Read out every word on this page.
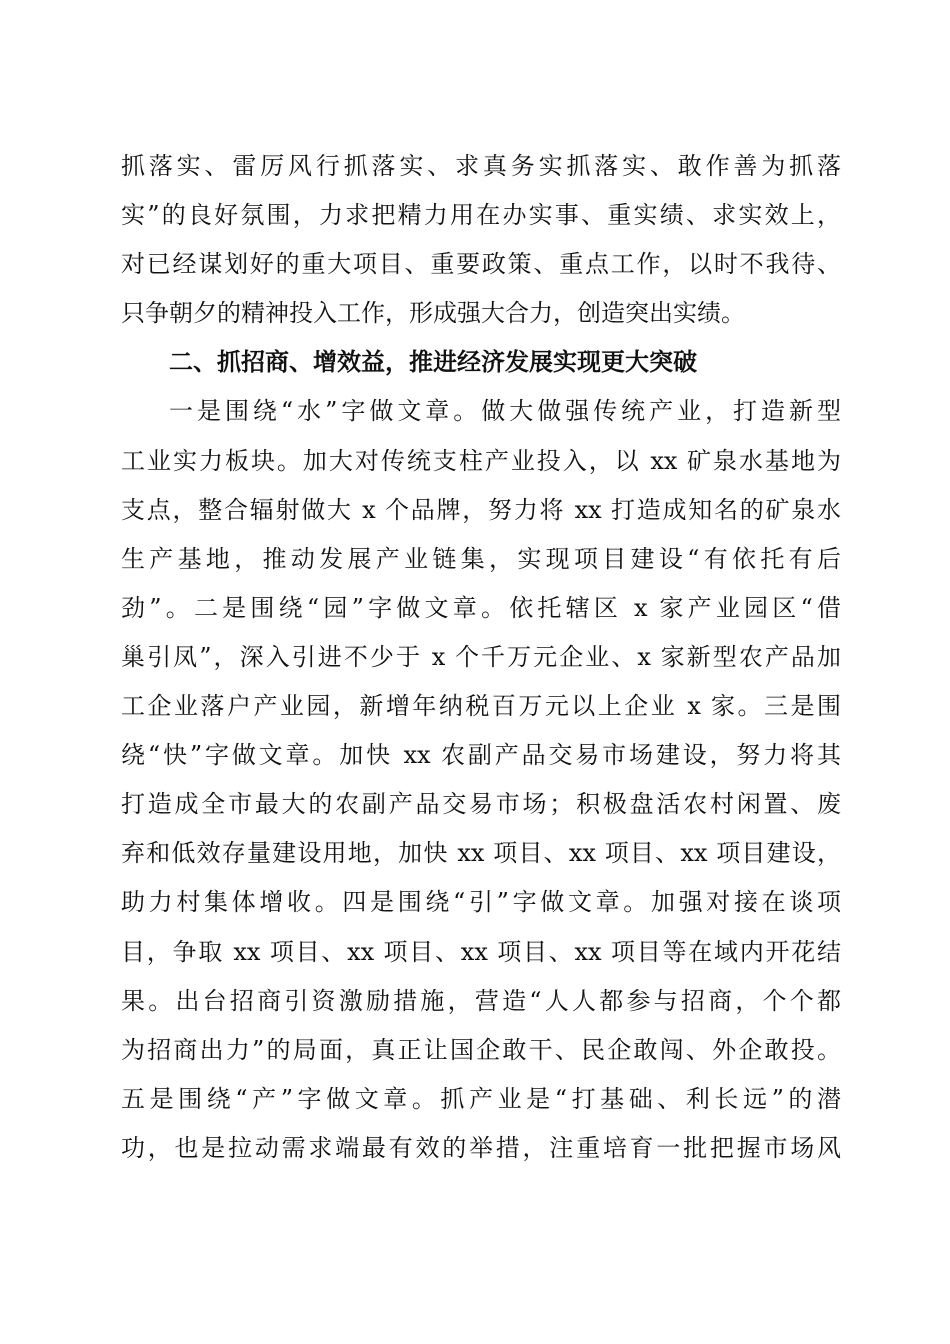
抓落实、雷厉风行抓落实、求真务实抓落实、敢作善为抓落
实”的良好氛围，力求把精力用在办实事、重实绩、求实效上，
对已经谋划好的重大项目、重要政策、重点工作，以时不我待、
只争朝夕的精神投入工作，形成强大合力，创造突出实绩。
二、抓招商、增效益，推进经济发展实现更大突破
一是围绕“水”字做文章。做大做强传统产业，打造新型
工业实力板块。加大对传统支柱产业投入，以 xx 矿泉水基地为
支点，整合辐射做大 x 个品牌，努力将 xx 打造成知名的矿泉水
生产基地，推动发展产业链集，实现项目建设“有依托有后
劲”。二是围绕“园”字做文章。依托辖区 x 家产业园区“借
巢引凤”，深入引进不少于 x 个千万元企业、x 家新型农产品加
工企业落户产业园，新增年纳税百万元以上企业 x 家。三是围
绕“快”字做文章。加快 xx 农副产品交易市场建设，努力将其
打造成全市最大的农副产品交易市场；积极盘活农村闲置、废
弃和低效存量建设用地，加快 xx 项目、xx 项目、xx 项目建设，
助力村集体增收。四是围绕“引”字做文章。加强对接在谈项
目，争取 xx 项目、xx 项目、xx 项目、xx 项目等在域内开花结
果。出台招商引资激励措施，营造“人人都参与招商，个个都
为招商出力”的局面，真正让国企敢干、民企敢闯、外企敢投。
五是围绕“产”字做文章。抓产业是“打基础、利长远”的潜
功，也是拉动需求端最有效的举措，注重培育一批把握市场风
